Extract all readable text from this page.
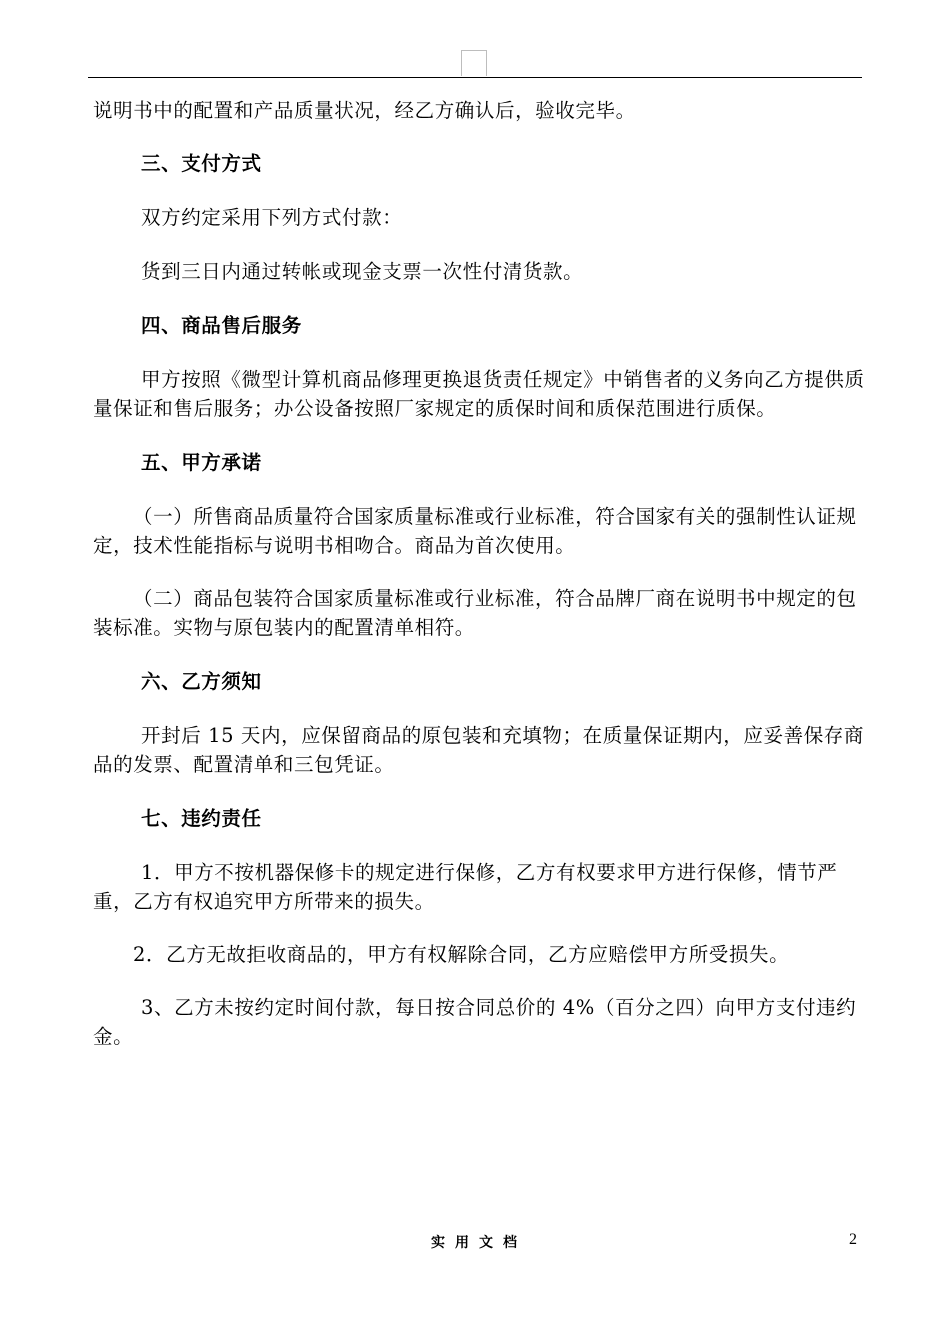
说明书中的配置和产品质量状况，经乙方确认后，验收完毕。

三、支付方式

双方约定采用下列方式付款：

货到三日内通过转帐或现金支票一次性付清货款。

四、商品售后服务

甲方按照《微型计算机商品修理更换退货责任规定》中销售者的义务向乙方提供质量保证和售后服务；办公设备按照厂家规定的质保时间和质保范围进行质保。

五、甲方承诺

（一）所售商品质量符合国家质量标准或行业标准，符合国家有关的强制性认证规定，技术性能指标与说明书相吻合。商品为首次使用。

（二）商品包装符合国家质量标准或行业标准，符合品牌厂商在说明书中规定的包装标准。实物与原包装内的配置清单相符。

六、乙方须知

开封后 15 天内，应保留商品的原包装和充填物；在质量保证期内，应妥善保存商品的发票、配置清单和三包凭证。

七、违约责任

1．甲方不按机器保修卡的规定进行保修，乙方有权要求甲方进行保修，情节严重，乙方有权追究甲方所带来的损失。

2．乙方无故拒收商品的，甲方有权解除合同，乙方应赔偿甲方所受损失。

3、乙方未按约定时间付款，每日按合同总价的 4%（百分之四）向甲方支付违约金。

实用文档	2
